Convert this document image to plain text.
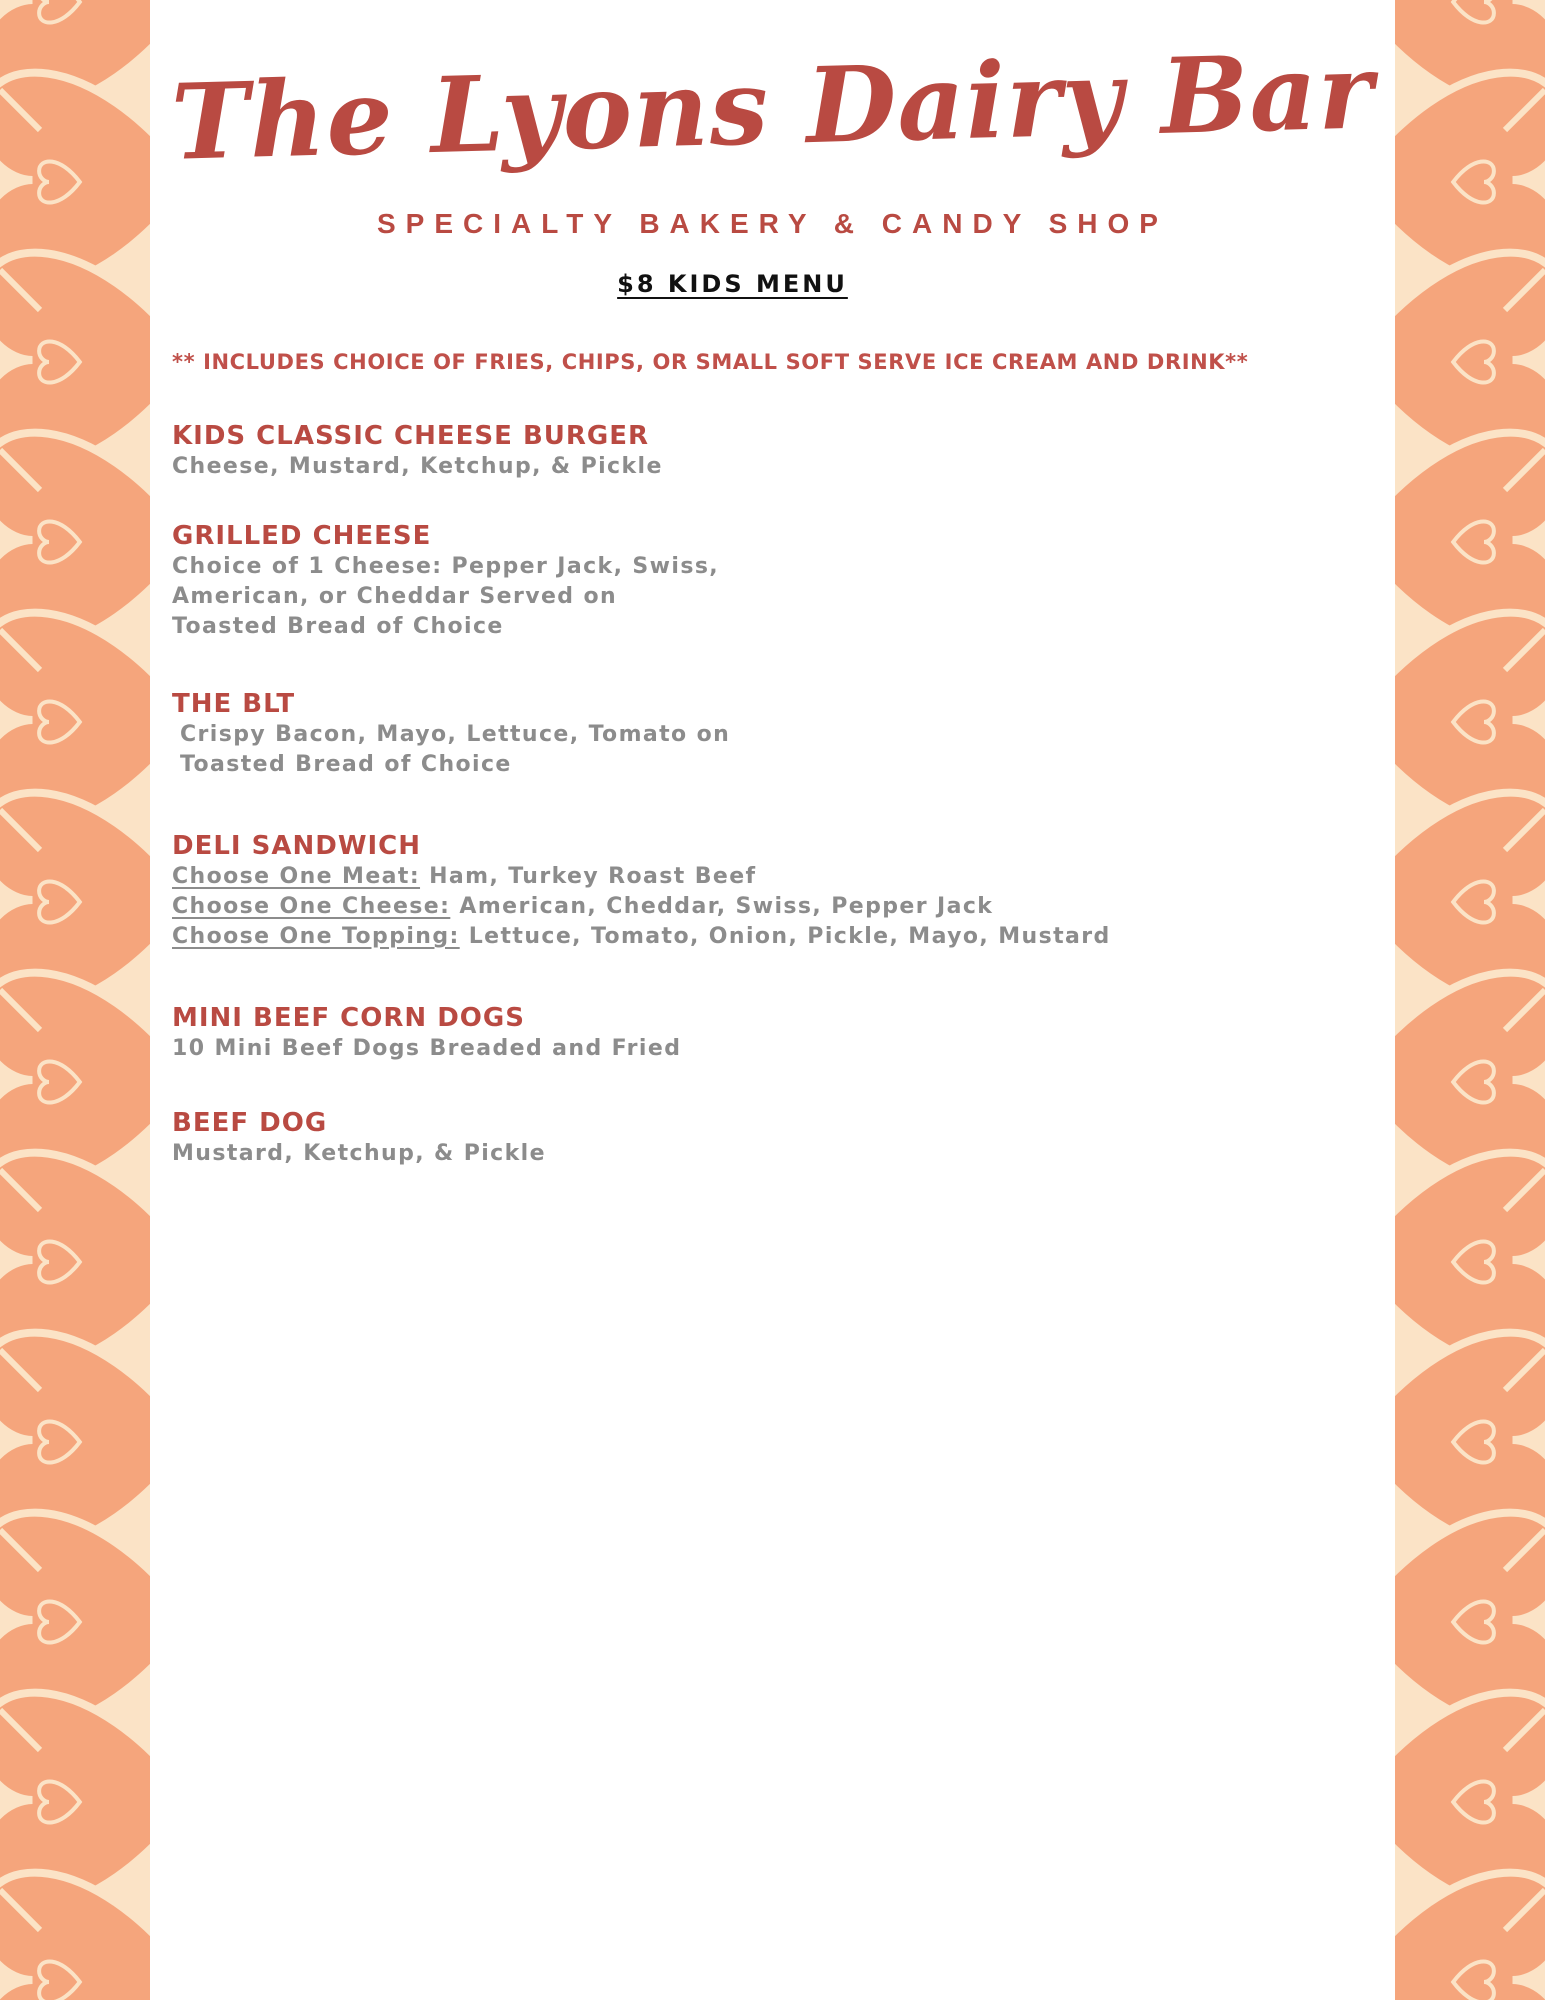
The Lyons Dairy Bar
SPECIALTY BAKERY & CANDY SHOP
$8 KIDS MENU
** INCLUDES CHOICE OF FRIES, CHIPS, OR SMALL SOFT SERVE ICE CREAM AND DRINK**
KIDS CLASSIC CHEESE BURGER
Cheese, Mustard, Ketchup, & Pickle
GRILLED CHEESE
Choice of 1 Cheese: Pepper Jack, Swiss,
American, or Cheddar Served on
Toasted Bread of Choice
THE BLT
Crispy Bacon, Mayo, Lettuce, Tomato on
Toasted Bread of Choice
DELI SANDWICH
Choose One Meat: Ham, Turkey Roast Beef
Choose One Cheese: American, Cheddar, Swiss, Pepper Jack
Choose One Topping: Lettuce, Tomato, Onion, Pickle, Mayo, Mustard
MINI BEEF CORN DOGS
10 Mini Beef Dogs Breaded and Fried
BEEF DOG
Mustard, Ketchup, & Pickle
